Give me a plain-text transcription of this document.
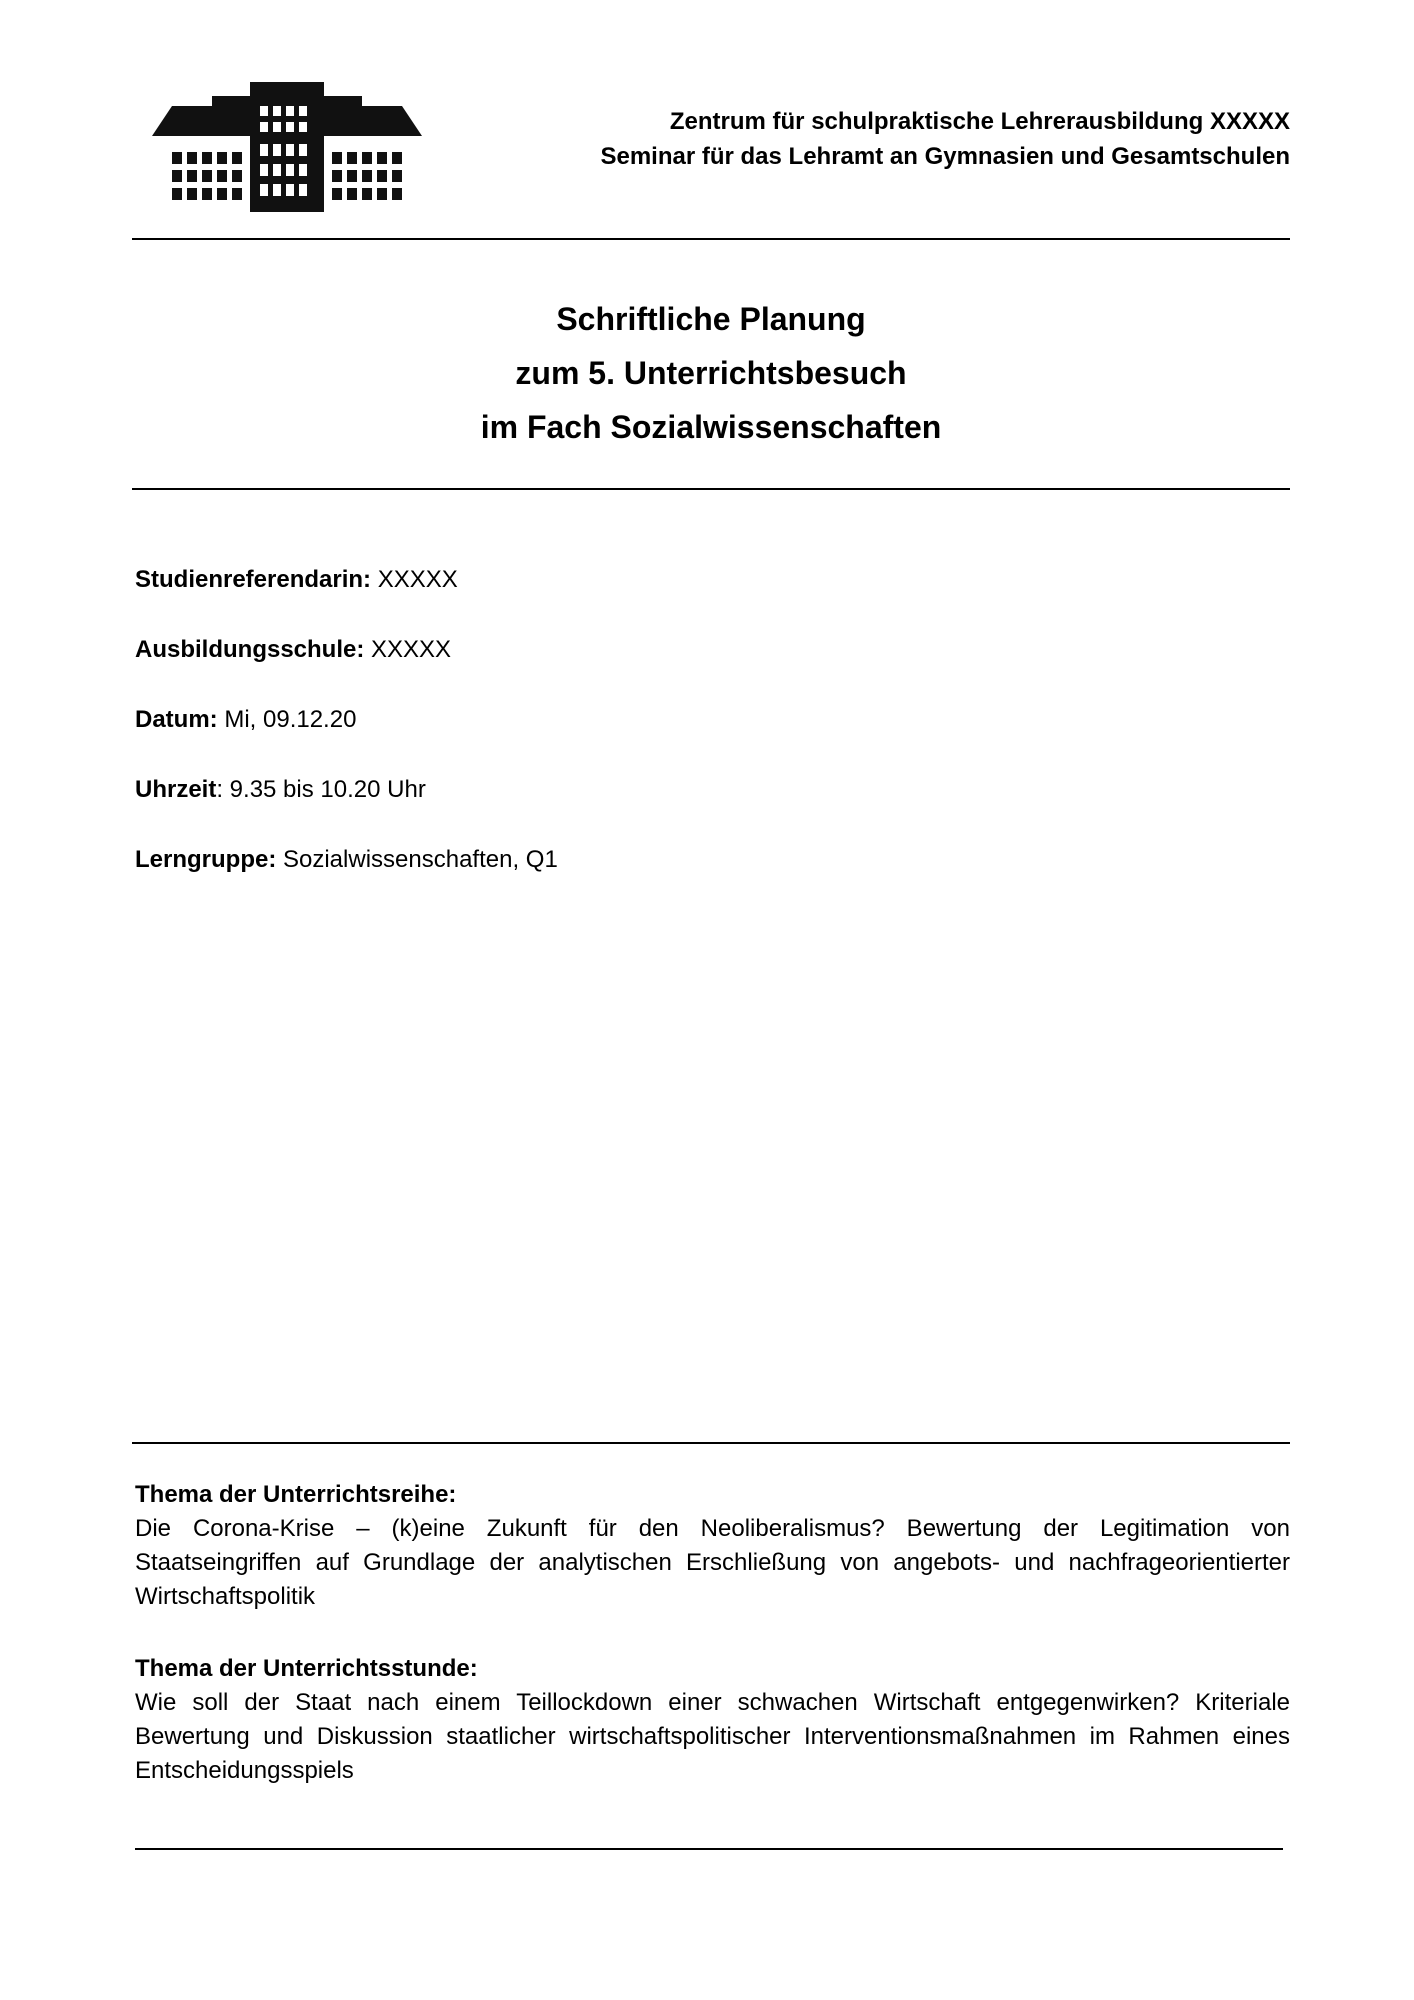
Zentrum für schulpraktische Lehrerausbildung XXXXX
Seminar für das Lehramt an Gymnasien und Gesamtschulen
Schriftliche Planung
zum 5. Unterrichtsbesuch
im Fach Sozialwissenschaften
Studienreferendarin: XXXXX
Ausbildungsschule: XXXXX
Datum: Mi, 09.12.20
Uhrzeit: 9.35 bis 10.20 Uhr
Lerngruppe: Sozialwissenschaften, Q1
Thema der Unterrichtsreihe:
Die Corona-Krise – (k)eine Zukunft für den Neoliberalismus? Bewertung der Legitimation von Staatseingriffen auf Grundlage der analytischen Erschließung von angebots- und nachfrageorientierter Wirtschaftspolitik
Thema der Unterrichtsstunde:
Wie soll der Staat nach einem Teillockdown einer schwachen Wirtschaft entgegenwirken? Kriteriale Bewertung und Diskussion staatlicher wirtschaftspolitischer Interventionsmaßnahmen im Rahmen eines Entscheidungsspiels
